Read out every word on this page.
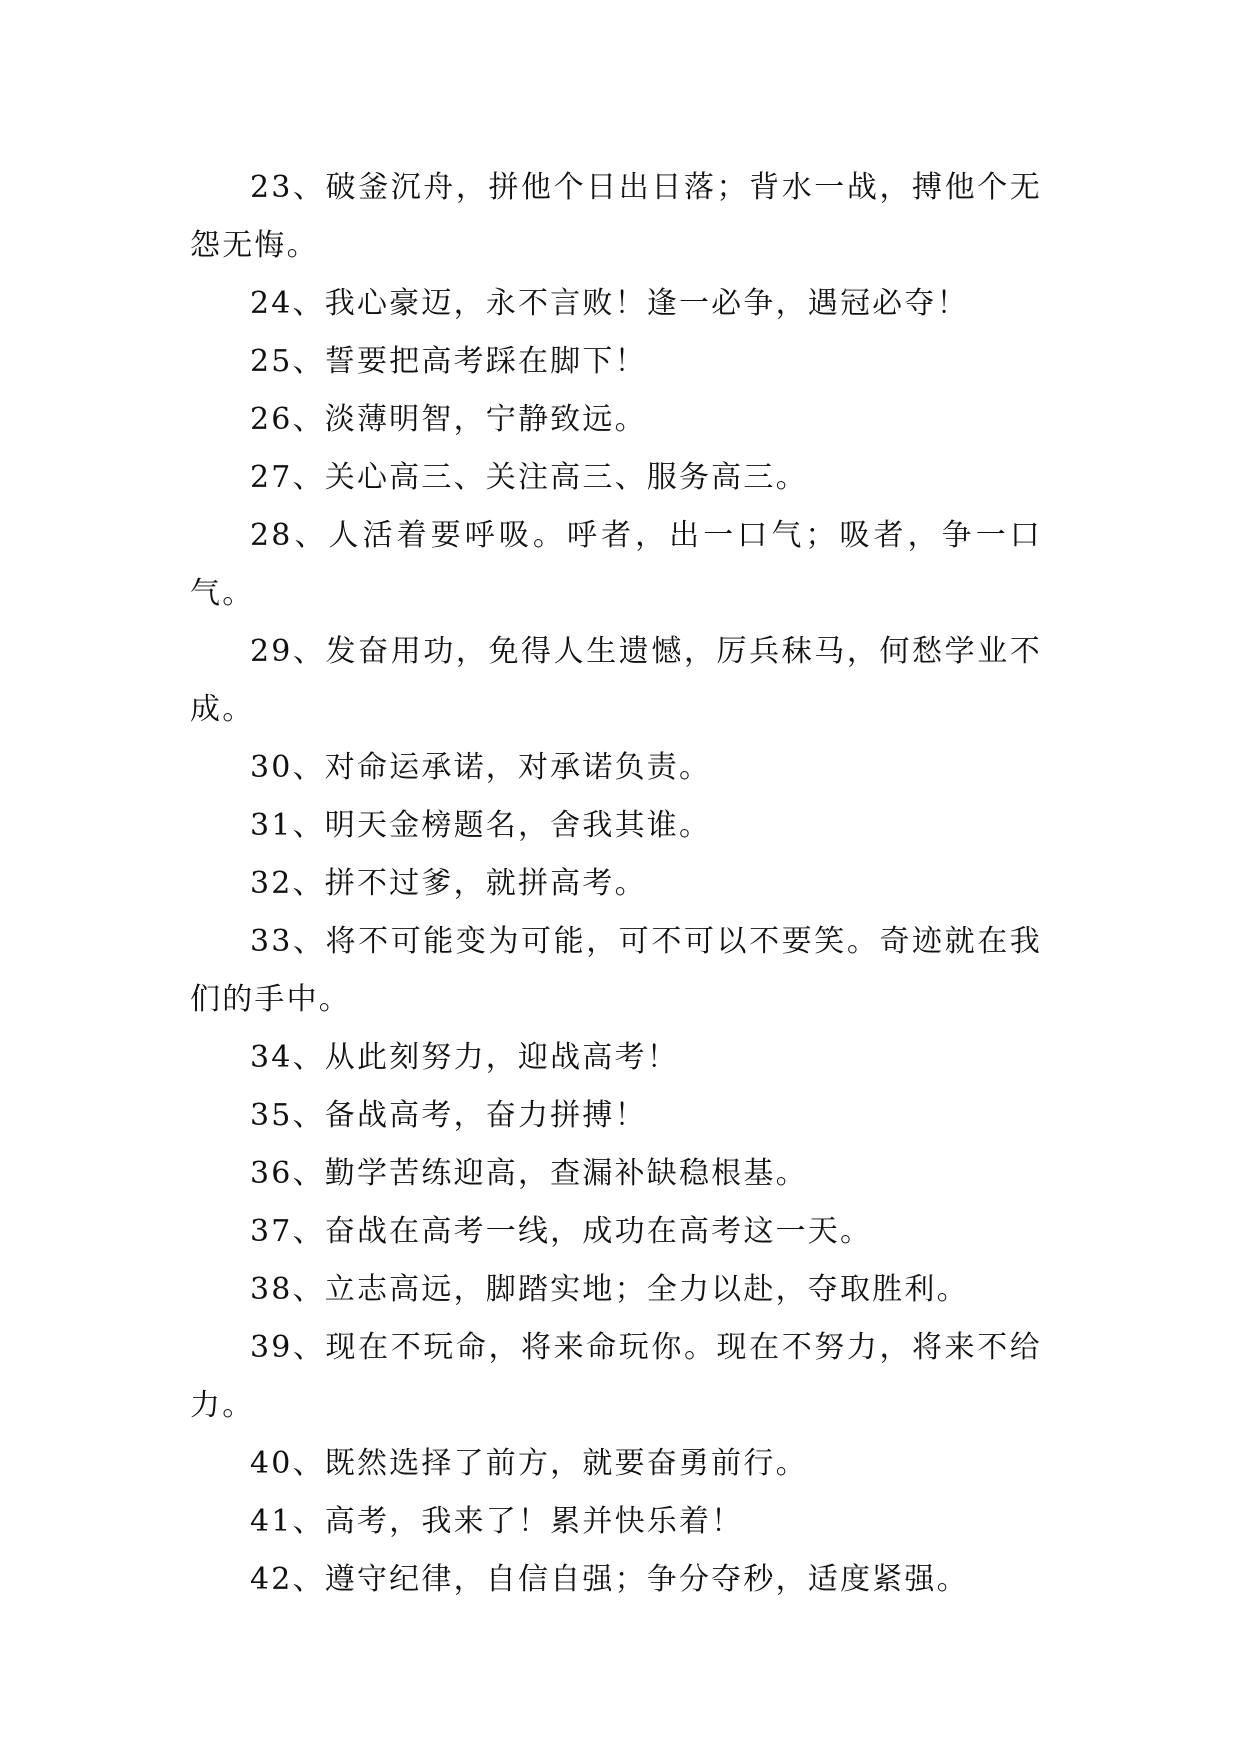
23、破釜沉舟，拼他个日出日落；背水一战，搏他个无怨无悔。

24、我心豪迈，永不言败！逢一必争，遇冠必夺！

25、誓要把高考踩在脚下！

26、淡薄明智，宁静致远。

27、关心高三、关注高三、服务高三。

28、人活着要呼吸。呼者，出一口气；吸者，争一口气。

29、发奋用功，免得人生遗憾，厉兵秣马，何愁学业不成。

30、对命运承诺，对承诺负责。

31、明天金榜题名，舍我其谁。

32、拼不过爹，就拼高考。

33、将不可能变为可能，可不可以不要笑。奇迹就在我们的手中。

34、从此刻努力，迎战高考！

35、备战高考，奋力拼搏！

36、勤学苦练迎高，查漏补缺稳根基。

37、奋战在高考一线，成功在高考这一天。

38、立志高远，脚踏实地；全力以赴，夺取胜利。

39、现在不玩命，将来命玩你。现在不努力，将来不给力。

40、既然选择了前方，就要奋勇前行。

41、高考，我来了！累并快乐着！

42、遵守纪律，自信自强；争分夺秒，适度紧强。
